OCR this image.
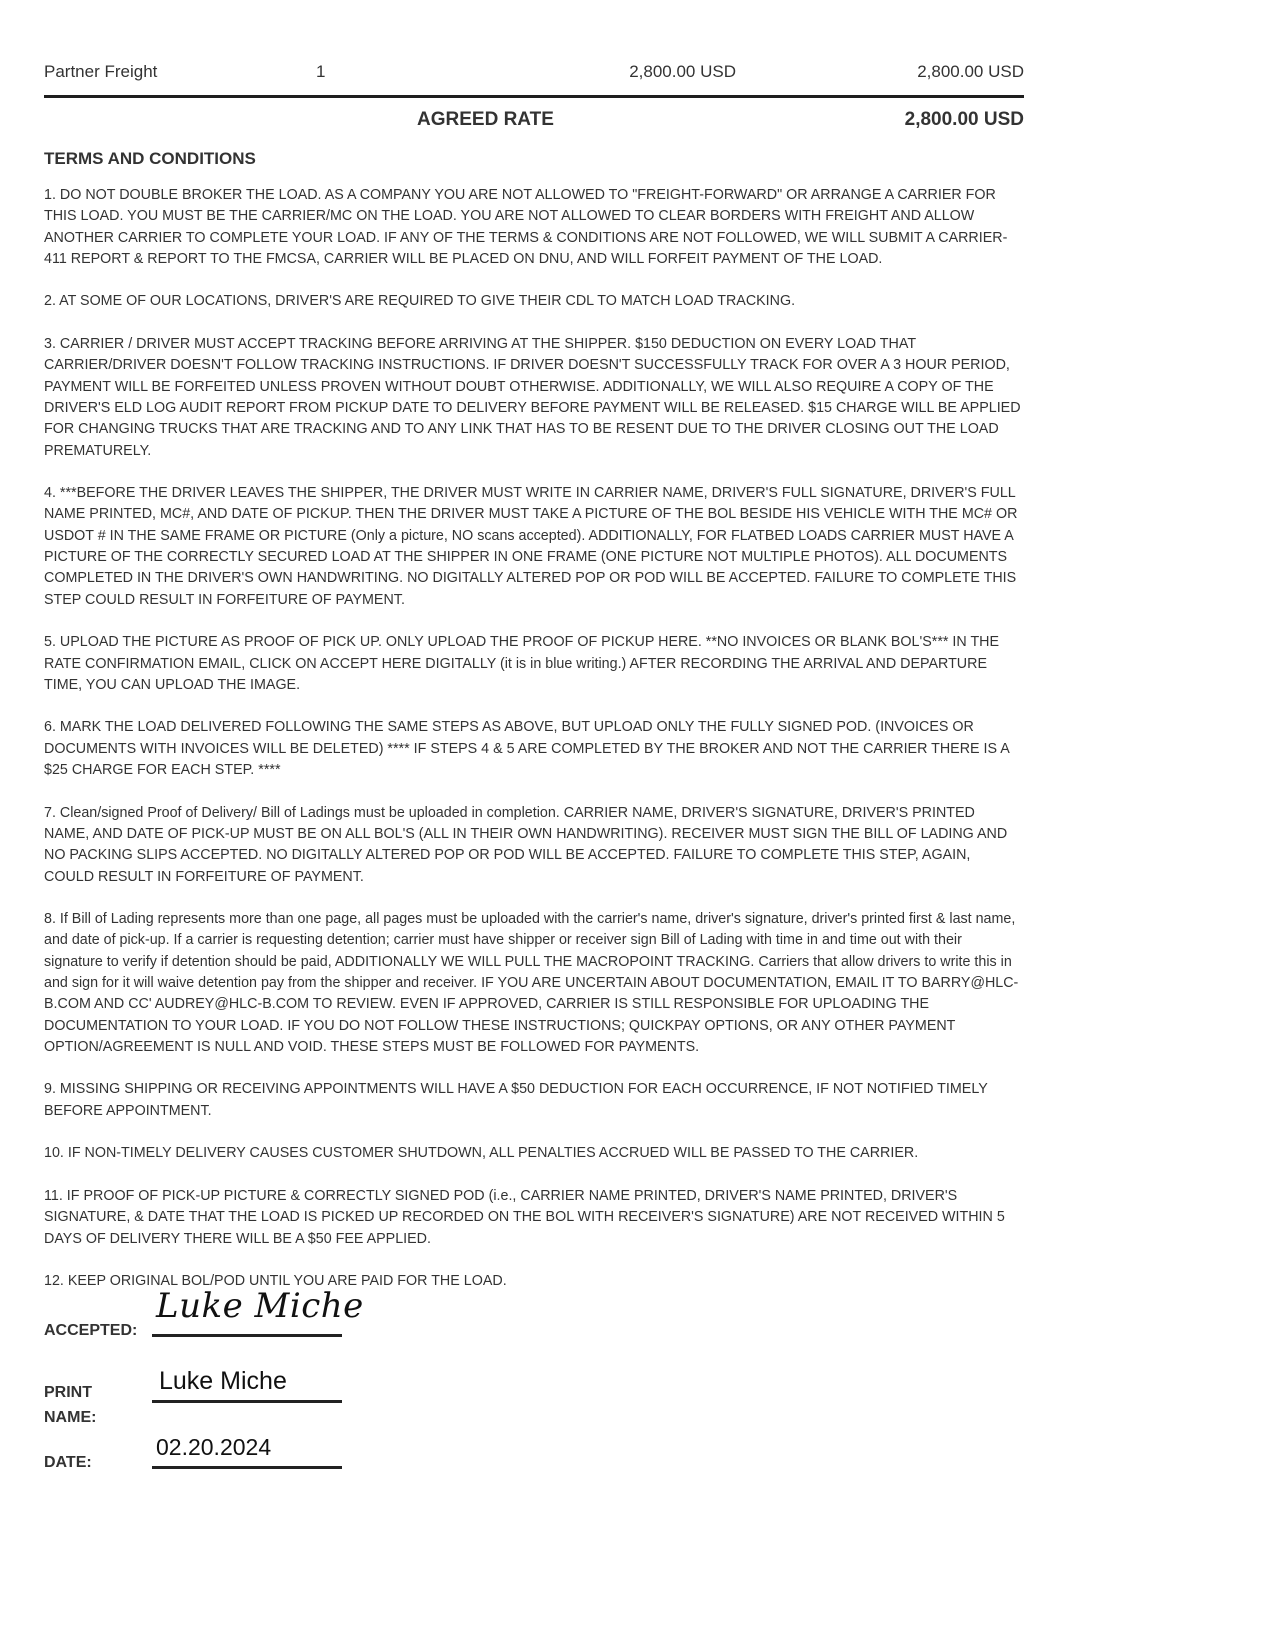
Partner Freight	1	2,800.00 USD	2,800.00 USD
AGREED RATE	2,800.00 USD
TERMS AND CONDITIONS

1. DO NOT DOUBLE BROKER THE LOAD. AS A COMPANY YOU ARE NOT ALLOWED TO "FREIGHT-FORWARD" OR ARRANGE A CARRIER FOR THIS LOAD. YOU MUST BE THE CARRIER/MC ON THE LOAD. YOU ARE NOT ALLOWED TO CLEAR BORDERS WITH FREIGHT AND ALLOW ANOTHER CARRIER TO COMPLETE YOUR LOAD. IF ANY OF THE TERMS & CONDITIONS ARE NOT FOLLOWED, WE WILL SUBMIT A CARRIER-411 REPORT & REPORT TO THE FMCSA, CARRIER WILL BE PLACED ON DNU, AND WILL FORFEIT PAYMENT OF THE LOAD.

2. AT SOME OF OUR LOCATIONS, DRIVER'S ARE REQUIRED TO GIVE THEIR CDL TO MATCH LOAD TRACKING.

3. CARRIER / DRIVER MUST ACCEPT TRACKING BEFORE ARRIVING AT THE SHIPPER. $150 DEDUCTION ON EVERY LOAD THAT CARRIER/DRIVER DOESN'T FOLLOW TRACKING INSTRUCTIONS. IF DRIVER DOESN'T SUCCESSFULLY TRACK FOR OVER A 3 HOUR PERIOD, PAYMENT WILL BE FORFEITED UNLESS PROVEN WITHOUT DOUBT OTHERWISE. ADDITIONALLY, WE WILL ALSO REQUIRE A COPY OF THE DRIVER'S ELD LOG AUDIT REPORT FROM PICKUP DATE TO DELIVERY BEFORE PAYMENT WILL BE RELEASED. $15 CHARGE WILL BE APPLIED FOR CHANGING TRUCKS THAT ARE TRACKING AND TO ANY LINK THAT HAS TO BE RESENT DUE TO THE DRIVER CLOSING OUT THE LOAD PREMATURELY.

4. ***BEFORE THE DRIVER LEAVES THE SHIPPER, THE DRIVER MUST WRITE IN CARRIER NAME, DRIVER'S FULL SIGNATURE, DRIVER'S FULL NAME PRINTED, MC#, AND DATE OF PICKUP. THEN THE DRIVER MUST TAKE A PICTURE OF THE BOL BESIDE HIS VEHICLE WITH THE MC# OR USDOT # IN THE SAME FRAME OR PICTURE (Only a picture, NO scans accepted). ADDITIONALLY, FOR FLATBED LOADS CARRIER MUST HAVE A PICTURE OF THE CORRECTLY SECURED LOAD AT THE SHIPPER IN ONE FRAME (ONE PICTURE NOT MULTIPLE PHOTOS). ALL DOCUMENTS COMPLETED IN THE DRIVER'S OWN HANDWRITING. NO DIGITALLY ALTERED POP OR POD WILL BE ACCEPTED. FAILURE TO COMPLETE THIS STEP COULD RESULT IN FORFEITURE OF PAYMENT.

5. UPLOAD THE PICTURE AS PROOF OF PICK UP. ONLY UPLOAD THE PROOF OF PICKUP HERE. **NO INVOICES OR BLANK BOL'S*** IN THE RATE CONFIRMATION EMAIL, CLICK ON ACCEPT HERE DIGITALLY (it is in blue writing.) AFTER RECORDING THE ARRIVAL AND DEPARTURE TIME, YOU CAN UPLOAD THE IMAGE.

6. MARK THE LOAD DELIVERED FOLLOWING THE SAME STEPS AS ABOVE, BUT UPLOAD ONLY THE FULLY SIGNED POD. (INVOICES OR DOCUMENTS WITH INVOICES WILL BE DELETED) **** IF STEPS 4 & 5 ARE COMPLETED BY THE BROKER AND NOT THE CARRIER THERE IS A $25 CHARGE FOR EACH STEP. ****

7. Clean/signed Proof of Delivery/ Bill of Ladings must be uploaded in completion. CARRIER NAME, DRIVER'S SIGNATURE, DRIVER'S PRINTED NAME, AND DATE OF PICK-UP MUST BE ON ALL BOL'S (ALL IN THEIR OWN HANDWRITING). RECEIVER MUST SIGN THE BILL OF LADING AND NO PACKING SLIPS ACCEPTED. NO DIGITALLY ALTERED POP OR POD WILL BE ACCEPTED. FAILURE TO COMPLETE THIS STEP, AGAIN, COULD RESULT IN FORFEITURE OF PAYMENT.

8. If Bill of Lading represents more than one page, all pages must be uploaded with the carrier's name, driver's signature, driver's printed first & last name, and date of pick-up. If a carrier is requesting detention; carrier must have shipper or receiver sign Bill of Lading with time in and time out with their signature to verify if detention should be paid, ADDITIONALLY WE WILL PULL THE MACROPOINT TRACKING. Carriers that allow drivers to write this in and sign for it will waive detention pay from the shipper and receiver. IF YOU ARE UNCERTAIN ABOUT DOCUMENTATION, EMAIL IT TO BARRY@HLC-B.COM AND CC' AUDREY@HLC-B.COM TO REVIEW. EVEN IF APPROVED, CARRIER IS STILL RESPONSIBLE FOR UPLOADING THE DOCUMENTATION TO YOUR LOAD. IF YOU DO NOT FOLLOW THESE INSTRUCTIONS; QUICKPAY OPTIONS, OR ANY OTHER PAYMENT OPTION/AGREEMENT IS NULL AND VOID. THESE STEPS MUST BE FOLLOWED FOR PAYMENTS.

9. MISSING SHIPPING OR RECEIVING APPOINTMENTS WILL HAVE A $50 DEDUCTION FOR EACH OCCURRENCE, IF NOT NOTIFIED TIMELY BEFORE APPOINTMENT.

10. IF NON-TIMELY DELIVERY CAUSES CUSTOMER SHUTDOWN, ALL PENALTIES ACCRUED WILL BE PASSED TO THE CARRIER.

11. IF PROOF OF PICK-UP PICTURE & CORRECTLY SIGNED POD (i.e., CARRIER NAME PRINTED, DRIVER'S NAME PRINTED, DRIVER'S SIGNATURE, & DATE THAT THE LOAD IS PICKED UP RECORDED ON THE BOL WITH RECEIVER'S SIGNATURE) ARE NOT RECEIVED WITHIN 5 DAYS OF DELIVERY THERE WILL BE A $50 FEE APPLIED.

12. KEEP ORIGINAL BOL/POD UNTIL YOU ARE PAID FOR THE LOAD.

ACCEPTED:
Luke Miche
PRINT
NAME:
Luke Miche
DATE:
02.20.2024
